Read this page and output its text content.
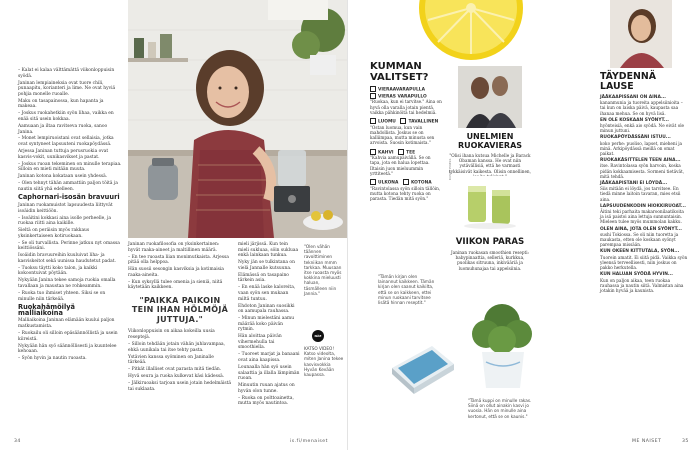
– Kalat ei kalaa välttämättä viikonloppuisin syödä.

Janinan lempiaineksia ovat tuore chili, punaapitu, korianteri ja lime. Ne ovat hyviä pohjia monelle ruoalle.

Maku on tasapainossa, kun hapanta ja makeaa.

– Joskus ruokahetkiin syön lihaa, vaikka en enää sitä usein kokkaa.

Aamuaan ja iltaa ravitseva ruoka, sanoo Janina.

– Monet lempiruoistani ovat sellaisia, jotka ovat syntyneet lapsuuteni ruokapöydässä.

Arjessa Janinan tuttuja perusruokia ovat kasvis-vokit, uunikasvikset ja pastat.

– Joskus ruoan tekeminen on minulle terapiaa. Silloin en mieti mitään muuta.

Janinan kotona kokataan usein yhdessä.

– Olen tehnyt tähän ammattiin paljon töitä ja nautin siitä yhä edelleen.

Caphornari-isosän bravuuri

Janinan ruokamuistot lapsuudesta liittyvät isoäidin keittiöön.

– Isoäitini kokkasi aina isolle perheelle, ja ruokaa riitti aina kaikille.

Sieltä on peräisin myös rakkaus yksinkertaiseen kotiruokaan.

– Se oli turvallista. Perinne jatkuu nyt omassa keittiössäni.

Isoäidin bravuureihin kuuluivat liha- ja kasviskeitot sekä uunissa haudutetut padat.

– Tuoksu täytti koko talon, ja kaikki kokoontuivat pöytään.

Nykyään Janina tekee samoja ruokia omalla tavallaan ja maustaa ne rohkeammin.

– Ruoka tuo ihmiset yhteen. Siksi se on minulle niin tärkeää.

Ruokahämöilyä malliaikoina

Malliaikoina Janinan elämään kuului paljon matkustamista.

– Ruokailu oli silloin epäsäännöllistä ja usein kiireistä.

Nykyään hän syö säännöllisesti ja kuuntelee kehoaan.

– Syön hyvin ja nautin ruoasta.

Janinan ruokafilosofia on yksinkertainen: hyvät raaka-aineet ja maltillinen määrä.

– En tee ruoasta liian monimutkaista. Arjessa pitää olla helppoa.

Hän suosii sesongin kasviksia ja kotimaisia raaka-aineita.

– Kun syksyllä tulee omenia ja sieniä, niitä käytetään kaikkeen.

"PAIKKA PAIKOIN TEIN IHAN HÖLMÖJÄ JUTTUJA."

Viikonloppuisin on aikaa kokeilla uusia reseptejä.

– Silloin tehdään jotain vähän juhlavampaa, ehkä uunikala tai itse tehty pasta.

Ystävien kanssa syöminen on Janinalle tärkeää.

– Pitkät illalliset ovat parasta mitä tiedän.

Hyvä seura ja ruoka kulkevat käsi kädessä.

– Jälkiruoaksi tarjoan usein jotain hedelmäistä tai suklaata.

mieli järjissä. Kun tein mieli sukluaa, söin sukluaa enkä lainkaan tunkua.

Nyky jän se tulkintana on vielä Jannalle kutsuuna.

Elämässä on tasapaino tärkein asia.

– En enää laske kaloreita, vaan syön sen mukaan miltä tuntuu.

Ehdoton Janinan suosikki on aamupala rauhassa.

– Minun mielestäni aamu määrää koko päivän rytmin.

Hän aloittaa päivän vihermehulla tai smoothiella.

– Tuoreet marjat ja banaani ovat aina kaapissa.

Lounaalla hän syö usein salaattia ja illalla lämpimän ruoan.

Minuutin ruuan ajatus on hyvän olon tunne.

– Ruoka on polttoainetta, mutta myös nautintoa.

"Olen vähän täännen ravoittiminen tekniikan mmm tarkkaa. Muusaan itse ruoasta myös kokkina mieluusti haluan, täsmälleen niin Jannia."
NÄE
KATSO VIDEO! Katso videolta, miten Janina tekee kasvisvokkia Hyvän Kevään kaupassa.
34	is.fi/menaiset
KUMMAN VALITSET?
VIERAAVARAPULLA
VIERAS VARAPULLO
"Ruokaa, kun ei tarvitse." Aina on hyvä olla varalla jotain pientä, vaikka pähkinöitä tai hedelmiä.
LUOMU	TAVALLINEN
"Ostan luomua, kun vain mahdollista. Joskus se on kalliimpaa, mutta minusta sen arvoista. Suosin kotimaista."
KAHVI	TEE
"Kahvia aamupäivällä. Se on tapa, jota en halua lopettaa. Iltaisin juon mieluummin yrttiteetä."
ULKONA	KOTONA
"Ravintolassa syön silloin tällöin, mutta kotona tehty ruoka on parasta. Tiedän mitä syön."
KUVAT: PIXELS
UNELMIEN RUOKAVIERAS
"Olisi ihana kutsua Michelle ja Barack Obaman kanssa. He ovat niin ystävällisiä, että he varmasti tykkäisivät kaikesta. Olisin onnellinen,
VIIKON PARAS
Janinan ruokasan smoothien resepti: babypinaattia, selleriä, kurkkua, puolikas sitruuna, inkivääriä ja luomuhunajaa tai appelsiinia.
"Tämän kirjan olen lainannut kaikkeen. Tämän kirjan olen saanut kaikilta, että se on kaikkeen, ettei minun ruokaani tarvitsee lisätä hinnan reseptit."
"Tämä kuppi on minulle rakas. Siinä on ollut ainakin kasvi jo vuosia. Hän on minulle aina kertonut, että se on kaunis."
TÄYDENNÄ LAUSE
JÄÄKAAPISSANI ON AINA...
kananmunia ja tuoreita appelsiinioita – tai kun on laiska päivä, kaupasta saa ihanaa mehua. Se on hyvä lisä.
EN OLE KOSKAAN SYÖNYT...
hyönteisiä, enkä aio syödä. Ne eivät ole minun juttuni.
RUOKAPÖYDÄSSÄNI ISTUU...
koko perhe: puoliso, lapset, mieheni ja minä. Arkipöydässä meillä on omat paikat.
RUOKAKÄSITTELEN TEEN AINA...
itse. Ravintolassa syön harvoin, koska pidän kokkaamisesta. Sormeni tietävät, mitä tehdä.
JÄÄKAAPISTANI EI LÖYDÄ...
Siis mitään ei löydä, jos tarvitsee. En tiedä minne laitoin tavaran, mies etsii aina.
LAPSUUDENKODIN HIOKKIRUOAT...
Äitini teki parhaita makaroonilaatikoita ja isä paistoi aina lettuja sunnuntaisin. Mieleen tulee myös mummolan kakku.
OLEN AINA, JOTA OLEN SYÖNYT...
sushi Tokiossa. Se oli niin tuoretta ja maukasta, etten ole koskaan syönyt parempaa missään.
KUN OKEEN KITTUTALA, SYÖN...
Tuorein amatit. Ei siitä pidä. Vaikka syön yleensä terveellisesti, niin joskus on pakko herkutella.
KUN HALUAN SYÖDÄ HYVIN...
Kun on paljon aikaa, teen ruokaa rauhassa ja nautin siitä. Valmistan aina jotakin hyvää ja kaunista.
ME NAISET	35
